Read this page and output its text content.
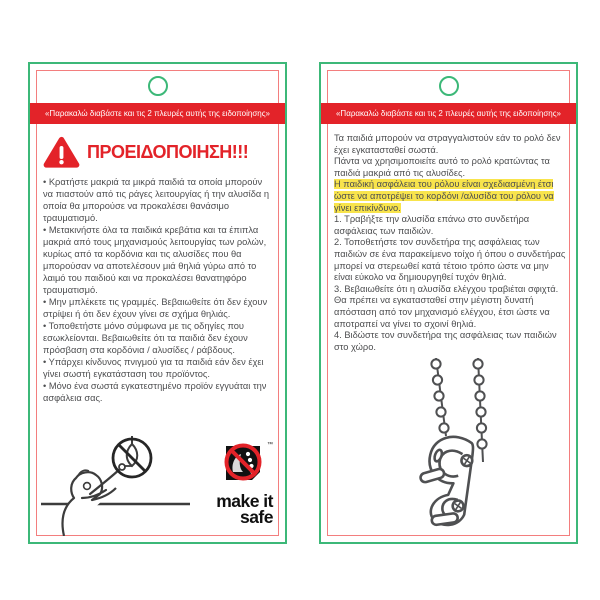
«Παρακαλώ διαβάστε και τις 2 πλευρές αυτής της ειδοποίησης»
ΠΡΟΕΙΔΟΠΟΙΗΣΗ!!!

• Κρατήστε μακριά τα μικρά παιδιά τα οποία μπορούν να πιαστούν από τις ράγες λειτουργίας ή την αλυσίδα η οποία θα μπορούσε να προκαλέσει θανάσιμο τραυματισμό.

• Μετακινήστε όλα τα παιδικά κρεβάτια και τα έπιπλα μακριά από τους μηχανισμούς λειτουργίας των ρολών, κυρίως από τα κορδόνια και τις αλυσίδες που θα μπορούσαν να αποτελέσουν μιά θηλιά γύρω από το λαιμό του παιδιού και να προκαλέσει θανατηφόρο τραυματισμό.

• Μην μπλέκετε τις γραμμές. Βεβαιωθείτε ότι δεν έχουν στρίψει ή ότι δεν έχουν γίνει σε σχήμα θηλιάς.

• Τοποθετήστε μόνο σύμφωνα με τις οδηγίες που εσωκλείονται. Βεβαιωθείτε ότι τα παιδιά δεν έχουν πρόσβαση στα κορδόνια / αλυσίδες / ράβδους.

• Υπάρχει κίνδυνος πνιγμού για τα παιδιά εάν δεν έχει γίνει σωστή εγκατάσταση του προϊόντος.

• Μόνο ένα σωστά εγκατεστημένο προϊόν εγγυάται την ασφάλεια σας.

™
make it
safe
«Παρακαλώ διαβάστε και τις 2 πλευρές αυτής της ειδοποίησης»

Τα παιδιά μπορούν να στραγγαλιστούν εάν το ρολό δεν έχει εγκατασταθεί σωστά.

Πάντα να χρησιμοποιείτε αυτό το ρολό κρατώντας τα παιδιά μακριά από τις αλυσίδες.

Η παιδική ασφάλεια του ρόλου είναι σχεδιασμένη έτσι ώστε να αποτρέψει το κορδόνι /αλυσίδα του ρόλου να γίνει επικίνδυνο.

1. Τραβήξτε την αλυσίδα επάνω στο συνδετήρα ασφάλειας των παιδιών.

2. Τοποθετήστε τον συνδετήρα της ασφάλειας των παιδιών σε ένα παρακείμενο τοίχο ή όπου ο συνδετήρας μπορεί να στερεωθεί κατά τέτοιο τρόπο ώστε να μην είναι εύκολο να δημιουργηθεί τυχόν θηλιά.

3. Βεβαιωθείτε ότι η αλυσίδα ελέγχου τραβιέται σφιχτά. Θα πρέπει να εγκατασταθεί στην μέγιστη δυνατή απόσταση από τον μηχανισμό ελέγχου, έτσι ώστε να αποτραπεί να γίνει το σχοινί θηλιά.

4. Βιδώστε τον συνδετήρα της ασφάλειας των παιδιών στο χώρο.
